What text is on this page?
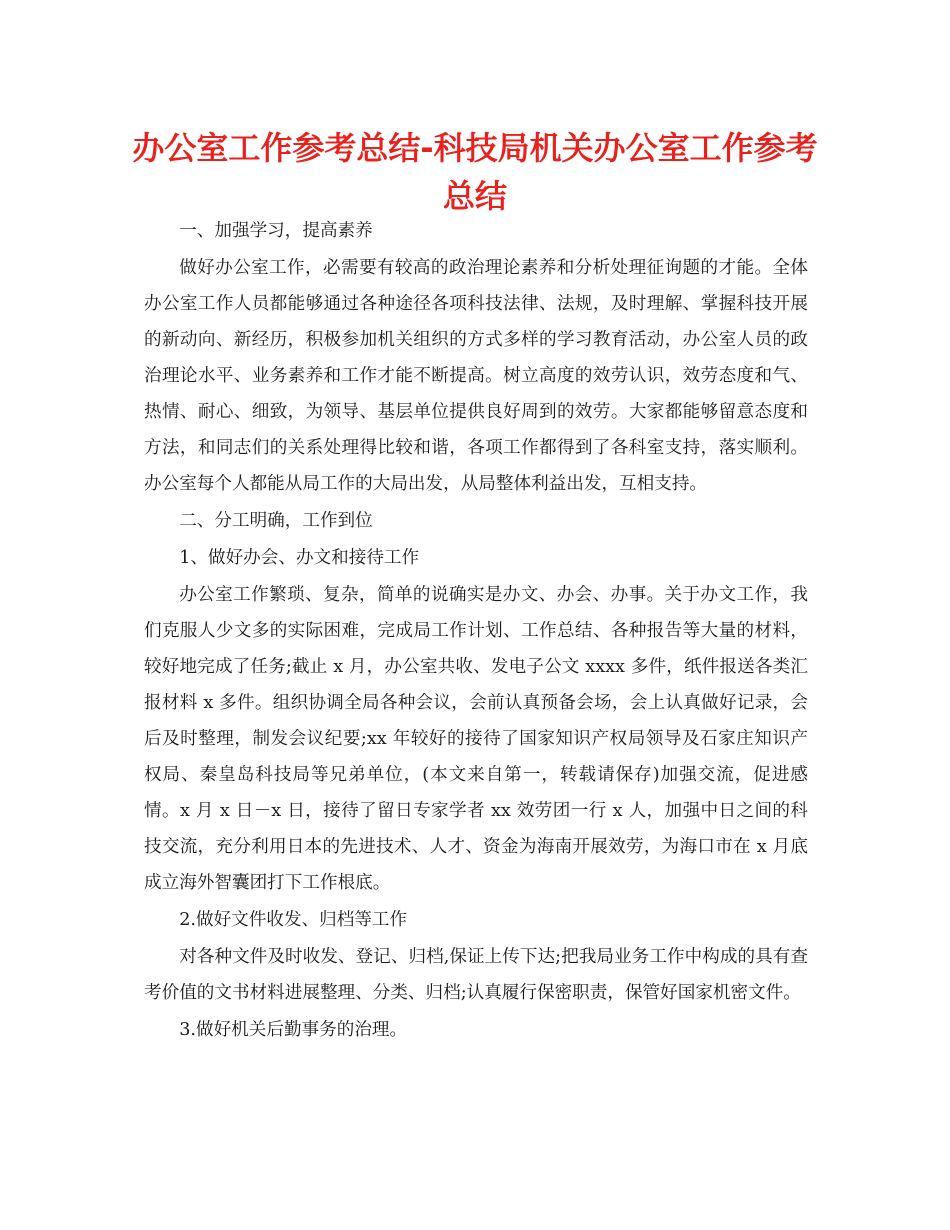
办公室工作参考总结-科技局机关办公室工作参考总结

一、加强学习，提高素养

做好办公室工作，必需要有较高的政治理论素养和分析处理征询题的才能。全体办公室工作人员都能够通过各种途径各项科技法律、法规，及时理解、掌握科技开展的新动向、新经历，积极参加机关组织的方式多样的学习教育活动，办公室人员的政治理论水平、业务素养和工作才能不断提高。树立高度的效劳认识，效劳态度和气、热情、耐心、细致，为领导、基层单位提供良好周到的效劳。大家都能够留意态度和方法，和同志们的关系处理得比较和谐，各项工作都得到了各科室支持，落实顺利。办公室每个人都能从局工作的大局出发，从局整体利益出发，互相支持。

二、分工明确，工作到位

1、做好办会、办文和接待工作

办公室工作繁琐、复杂，简单的说确实是办文、办会、办事。关于办文工作，我们克服人少文多的实际困难，完成局工作计划、工作总结、各种报告等大量的材料，较好地完成了任务;截止 x 月，办公室共收、发电子公文 xxxx 多件，纸件报送各类汇报材料 x 多件。组织协调全局各种会议，会前认真预备会场，会上认真做好记录，会后及时整理，制发会议纪要;xx 年较好的接待了国家知识产权局领导及石家庄知识产权局、秦皇岛科技局等兄弟单位，(本文来自第一，转载请保存)加强交流，促进感情。x 月 x 日－x 日，接待了留日专家学者 xx 效劳团一行 x 人，加强中日之间的科技交流，充分利用日本的先进技术、人才、资金为海南开展效劳，为海口市在 x 月底成立海外智囊团打下工作根底。

2.做好文件收发、归档等工作

对各种文件及时收发、登记、归档,保证上传下达;把我局业务工作中构成的具有查考价值的文书材料进展整理、分类、归档;认真履行保密职责，保管好国家机密文件。

3.做好机关后勤事务的治理。
